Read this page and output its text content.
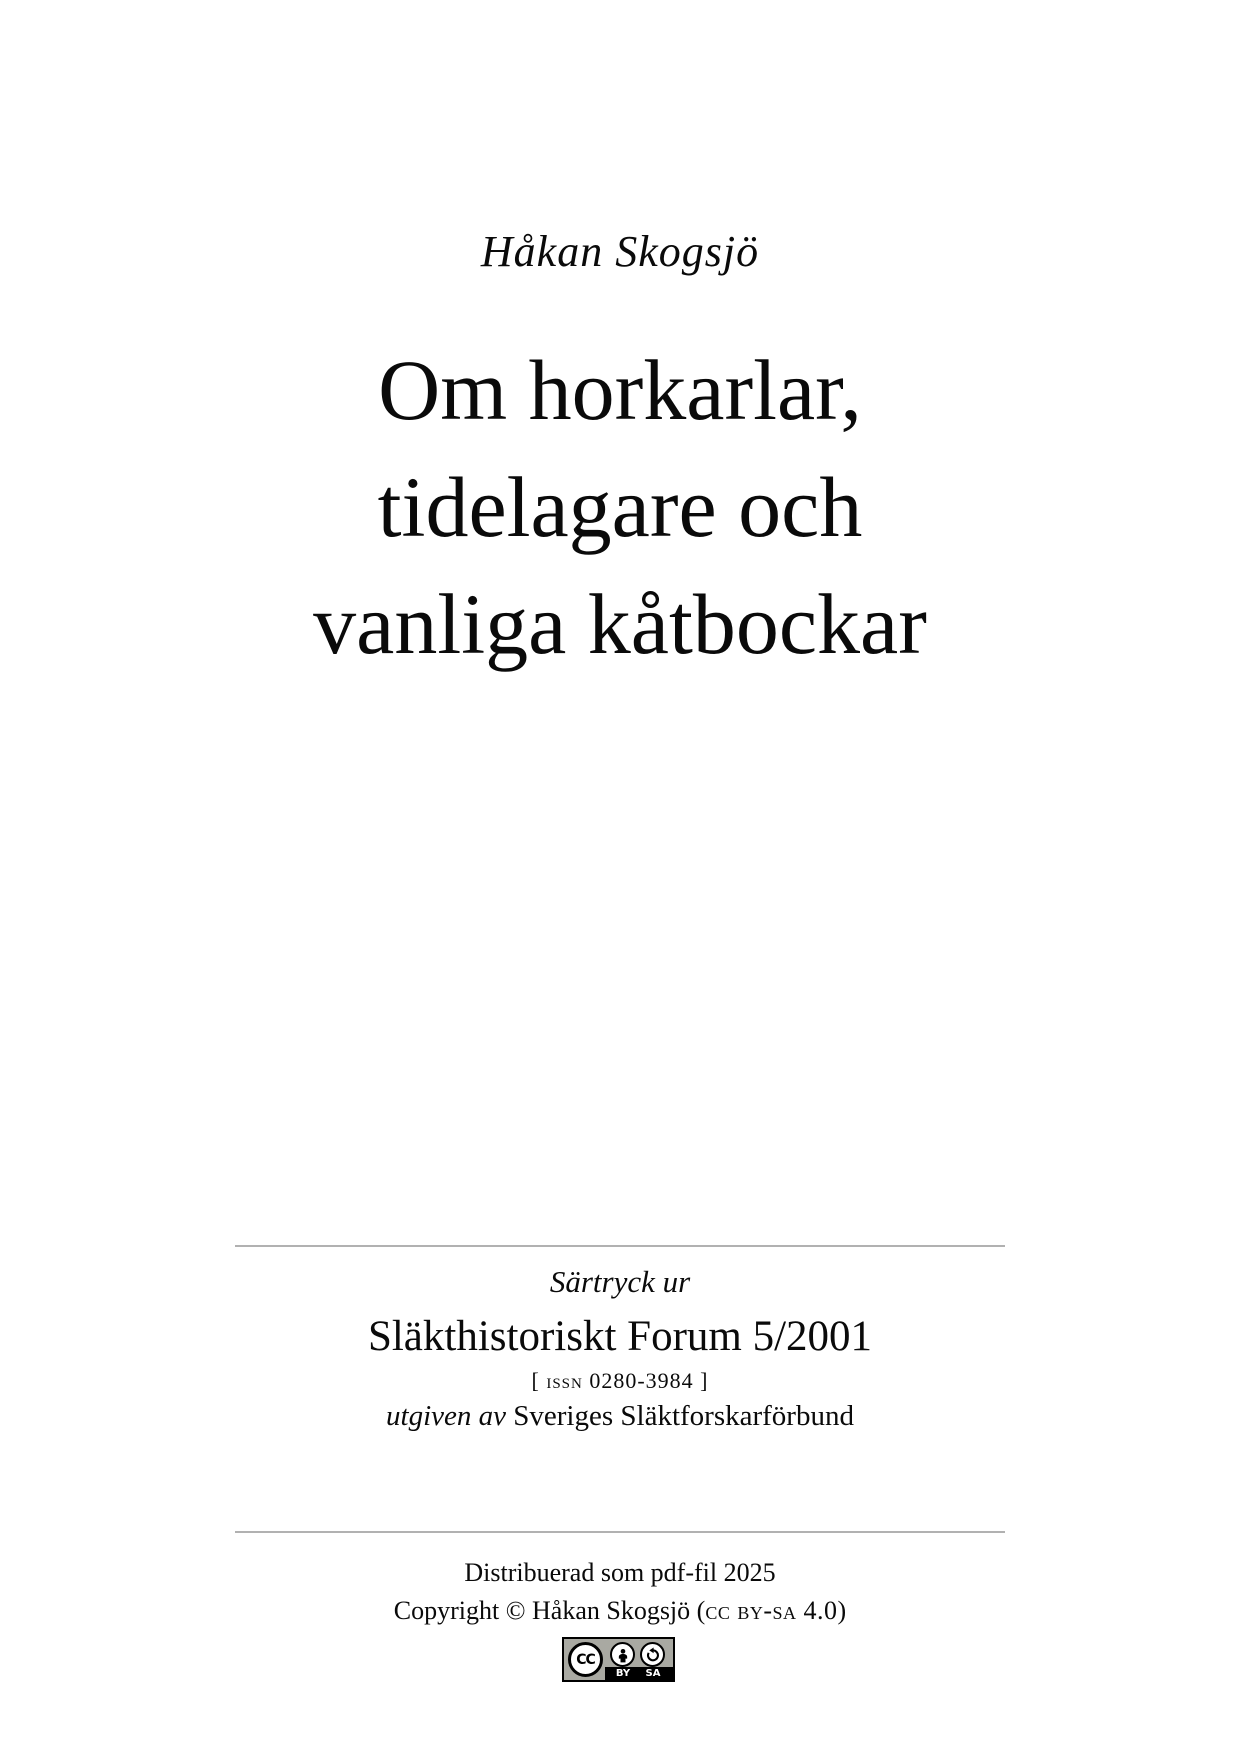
Håkan Skogsjö
Om horkarlar,
tidelagare och
vanliga kåtbockar
Särtryck ur
Släkthistoriskt Forum 5/2001
[ issn 0280-3984 ]
utgiven av Sveriges Släktforskarförbund
Distribuerad som pdf-fil 2025
Copyright © Håkan Skogsjö (cc by-sa 4.0)
CC
BY	SA
